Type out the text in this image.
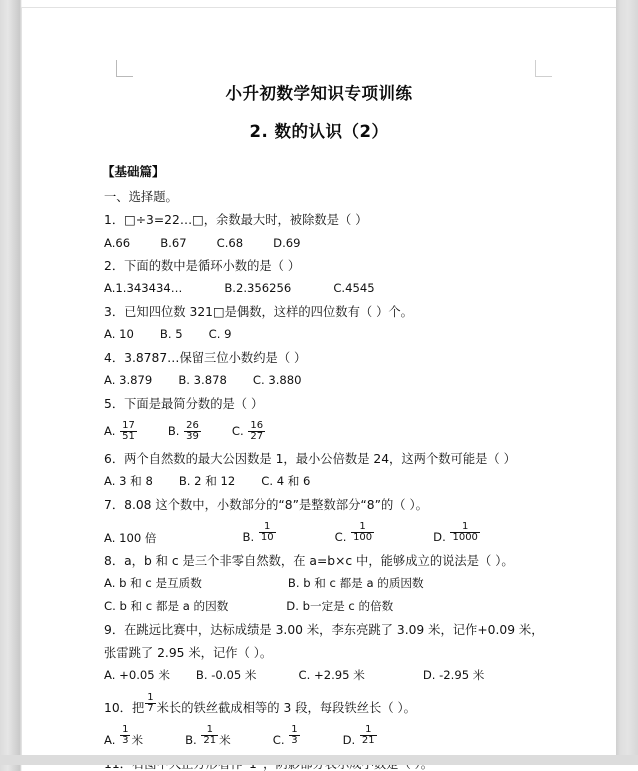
小升初数学知识专项训练
2. 数的认识（2）
【基础篇】
一、选择题。
1．□÷3=22…□，余数最大时，被除数是（ ）
A.66	B.67	C.68	D.69
2．下面的数中是循环小数的是（ ）
A.1.343434…	B.2.356256	C.4545
3．已知四位数 321□是偶数，这样的四位数有（ ）个。
A. 10 B. 5 C. 9
4．3.8787…保留三位小数约是（ ）
A. 3.879 B. 3.878 C. 3.880
5．下面是最简分数的是（ ）
A. $\frac{17}{51}$	B. $\frac{26}{39}$	C. $\frac{16}{27}$
6．两个自然数的最大公因数是 1，最小公倍数是 24，这两个数可能是（ ）
A. 3 和 8 B. 2 和 12 C. 4 和 6
7．8.08 这个数中，小数部分的“8”是整数部分“8”的（ ）。
A. 100 倍	B. $\frac{1}{10}$	C. $\frac{1}{100}$	D. $\frac{1}{1000}$
8．a，b 和 c 是三个非零自然数，在 a=b×c 中，能够成立的说法是（ ）。
A. b 和 c 是互质数	B. b 和 c 都是 a 的质因数
C. b 和 c 都是 a 的因数	D. b一定是 c 的倍数
9．在跳远比赛中，达标成绩是 3.00 米，李东亮跳了 3.09 米，记作+0.09 米，
张雷跳了 2.95 米，记作（ ）。
A. +0.05 米 B. -0.05 米	C. +2.95 米	D. -2.95 米
10．把 $\frac{1}{7}$ 米长的铁丝截成相等的 3 段，每段铁丝长（ ）。
A. $\frac{1}{3}$ 米	B. $\frac{1}{21}$ 米	C. $\frac{1}{3}$	D. $\frac{1}{21}$
